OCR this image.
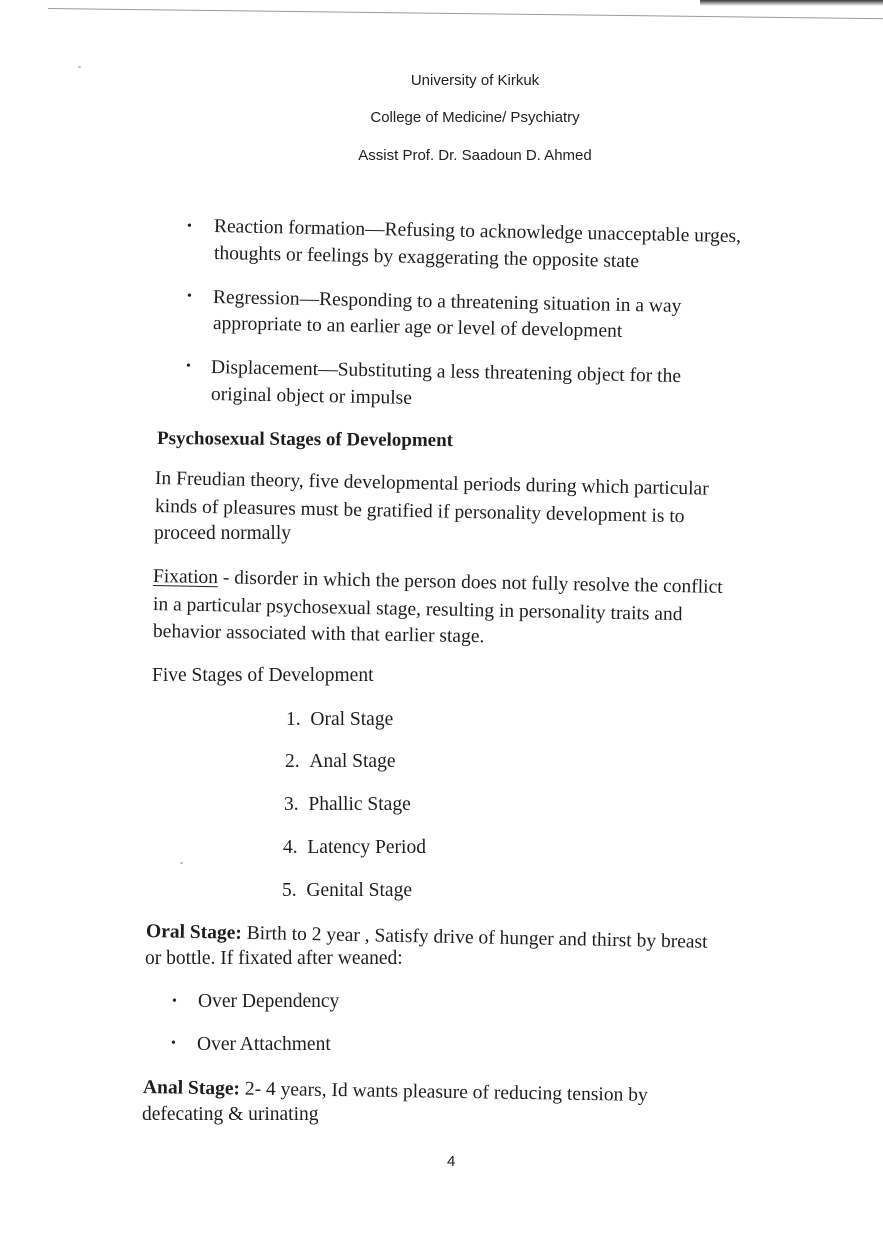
University of Kirkuk
College of Medicine/ Psychiatry
Assist Prof. Dr. Saadoun D. Ahmed
• Reaction formation—Refusing to acknowledge unacceptable urges,
thoughts or feelings by exaggerating the opposite state
• Regression—Responding to a threatening situation in a way
appropriate to an earlier age or level of development
• Displacement—Substituting a less threatening object for the
original object or impulse
Psychosexual Stages of Development
In Freudian theory, five developmental periods during which particular
kinds of pleasures must be gratified if personality development is to
proceed normally
Fixation - disorder in which the person does not fully resolve the conflict
in a particular psychosexual stage, resulting in personality traits and
behavior associated with that earlier stage.
Five Stages of Development
1. Oral Stage
2. Anal Stage
3. Phallic Stage
4. Latency Period
5. Genital Stage
Oral Stage: Birth to 2 year , Satisfy drive of hunger and thirst by breast
or bottle. If fixated after weaned:
• Over Dependency
• Over Attachment
Anal Stage: 2- 4 years, Id wants pleasure of reducing tension by
defecating & urinating
4
